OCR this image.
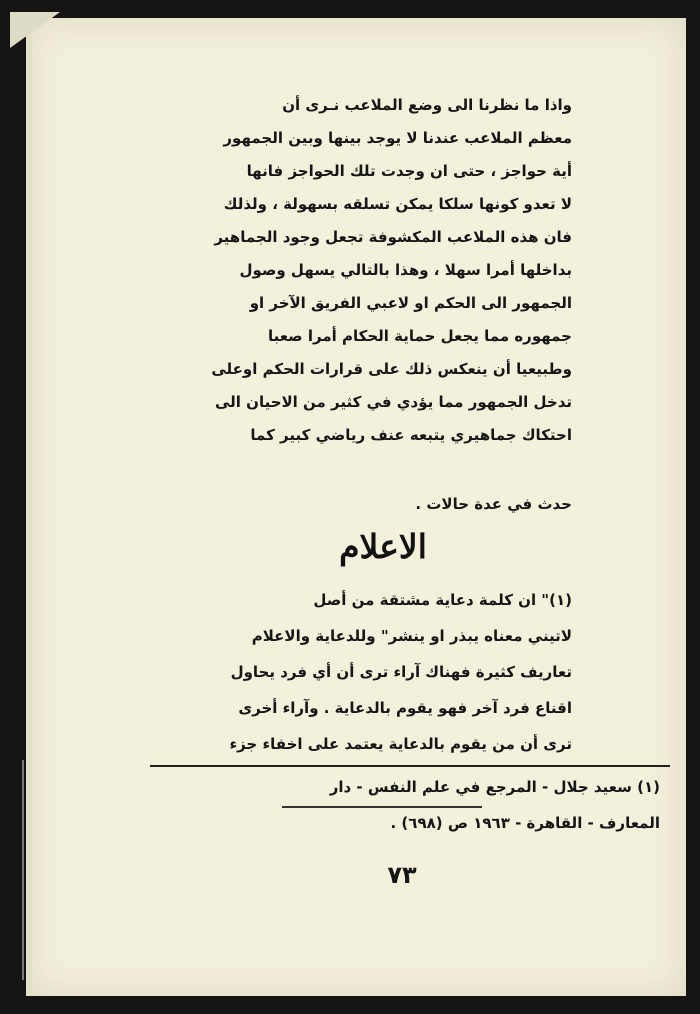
واذا ما نظرنا الى وضع الملاعب نـرى أن
معظم الملاعب عندنا لا يوجد بينها وبين الجمهور
أية حواجز ، حتى ان وجدت تلك الحواجز فانها
لا تعدو كونها سلكا يمكن تسلقه بسهولة ، ولذلك
فان هذه الملاعب المكشوفة تجعل وجود الجماهير
بداخلها أمرا سهلا ، وهذا بالتالي يسهل وصول
الجمهور الى الحكم او لاعبي الفريق الآخر او
جمهوره مما يجعل حماية الحكام أمرا صعبا
وطبيعيا أن ينعكس ذلك على قرارات الحكم اوعلى
تدخل الجمهور مما يؤدي في كثير من الاحيان الى
احتكاك جماهيري يتبعه عنف رياضي كبير كما
حدث في عدة حالات .
الاعلام
(١)" ان كلمة دعاية مشتقة من أصل
لاتيني معناه يبذر او ينشر" وللدعاية والاعلام
تعاريف كثيرة فهناك آراء ترى أن أي فرد يحاول
اقناع فرد آخر فهو يقوم بالدعاية . وآراء أخرى
ترى أن من يقوم بالدعاية يعتمد على اخفاء جزء
(١) سعيد جلال - المرجع في علم النفس - دار
المعارف - القاهرة - ١٩٦٣ ص (٦٩٨) .
٧٣
